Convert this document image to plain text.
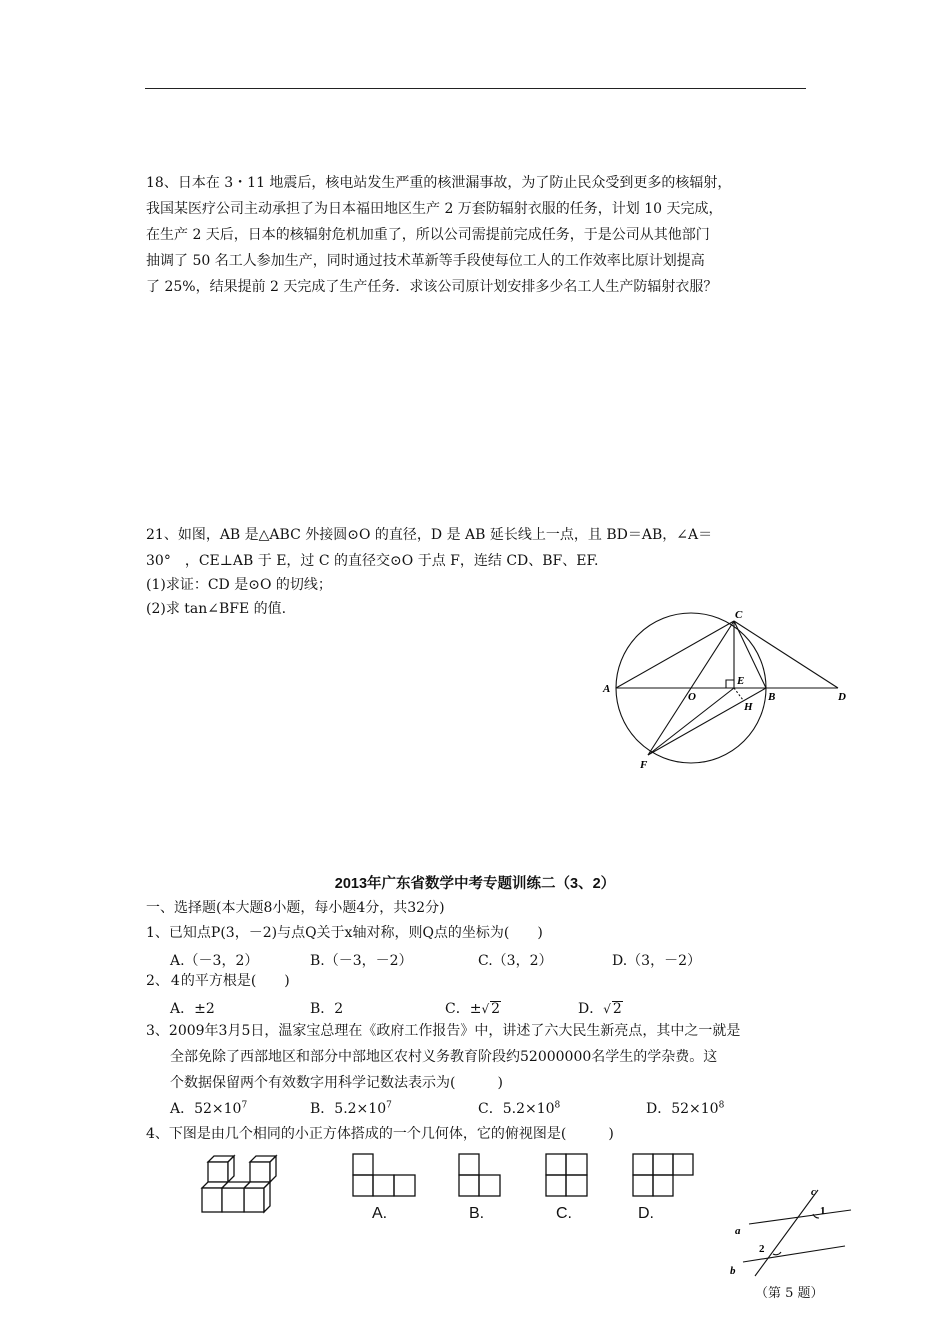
18、日本在 3・11 地震后，核电站发生严重的核泄漏事故，为了防止民众受到更多的核辐射，
我国某医疗公司主动承担了为日本福田地区生产 2 万套防辐射衣服的任务，计划 10 天完成，
在生产 2 天后，日本的核辐射危机加重了，所以公司需提前完成任务，于是公司从其他部门
抽调了 50 名工人参加生产，同时通过技术革新等手段使每位工人的工作效率比原计划提高
了 25%，结果提前 2 天完成了生产任务．求该公司原计划安排多少名工人生产防辐射衣服？
21、如图，AB 是△ABC 外接圆⊙O 的直径，D 是 AB 延长线上一点，且 BD＝AB，∠A＝
30°　，CE⊥AB 于 E，过 C 的直径交⊙O 于点 F，连结 CD、BF、EF.
(1)求证：CD 是⊙O 的切线；
(2)求 tan∠BFE 的值.
A
O
E
B	D
C
H
F
2013年广东省数学中考专题训练二（3、2）
一、选择题(本大题8小题，每小题4分，共32分)
1、已知点P(3，－2)与点Q关于x轴对称，则Q点的坐标为(　　)
A.（－3，2）	B.（－3，－2）	C.（3，2）	D.（3，－2）
2、 4的平方根是(　　)
A．±2	B．2	C．±√ 2	D．√ 2
3、2009年3月5日，温家宝总理在《政府工作报告》中，讲述了六大民生新亮点，其中之一就是
全部免除了西部地区和部分中部地区农村义务教育阶段约52000000名学生的学杂费。这
个数据保留两个有效数字用科学记数法表示为(　　　)
A．$52\times 10^7$	B．$5.2\times 10^7$	C．$5.2\times 10^8$	D．$52\times 10^8$
4、下图是由几个相同的小正方体搭成的一个几何体，它的俯视图是(　　　)
A.	B.	C.	D.
c
a
b
1
2
（第 5 题）
